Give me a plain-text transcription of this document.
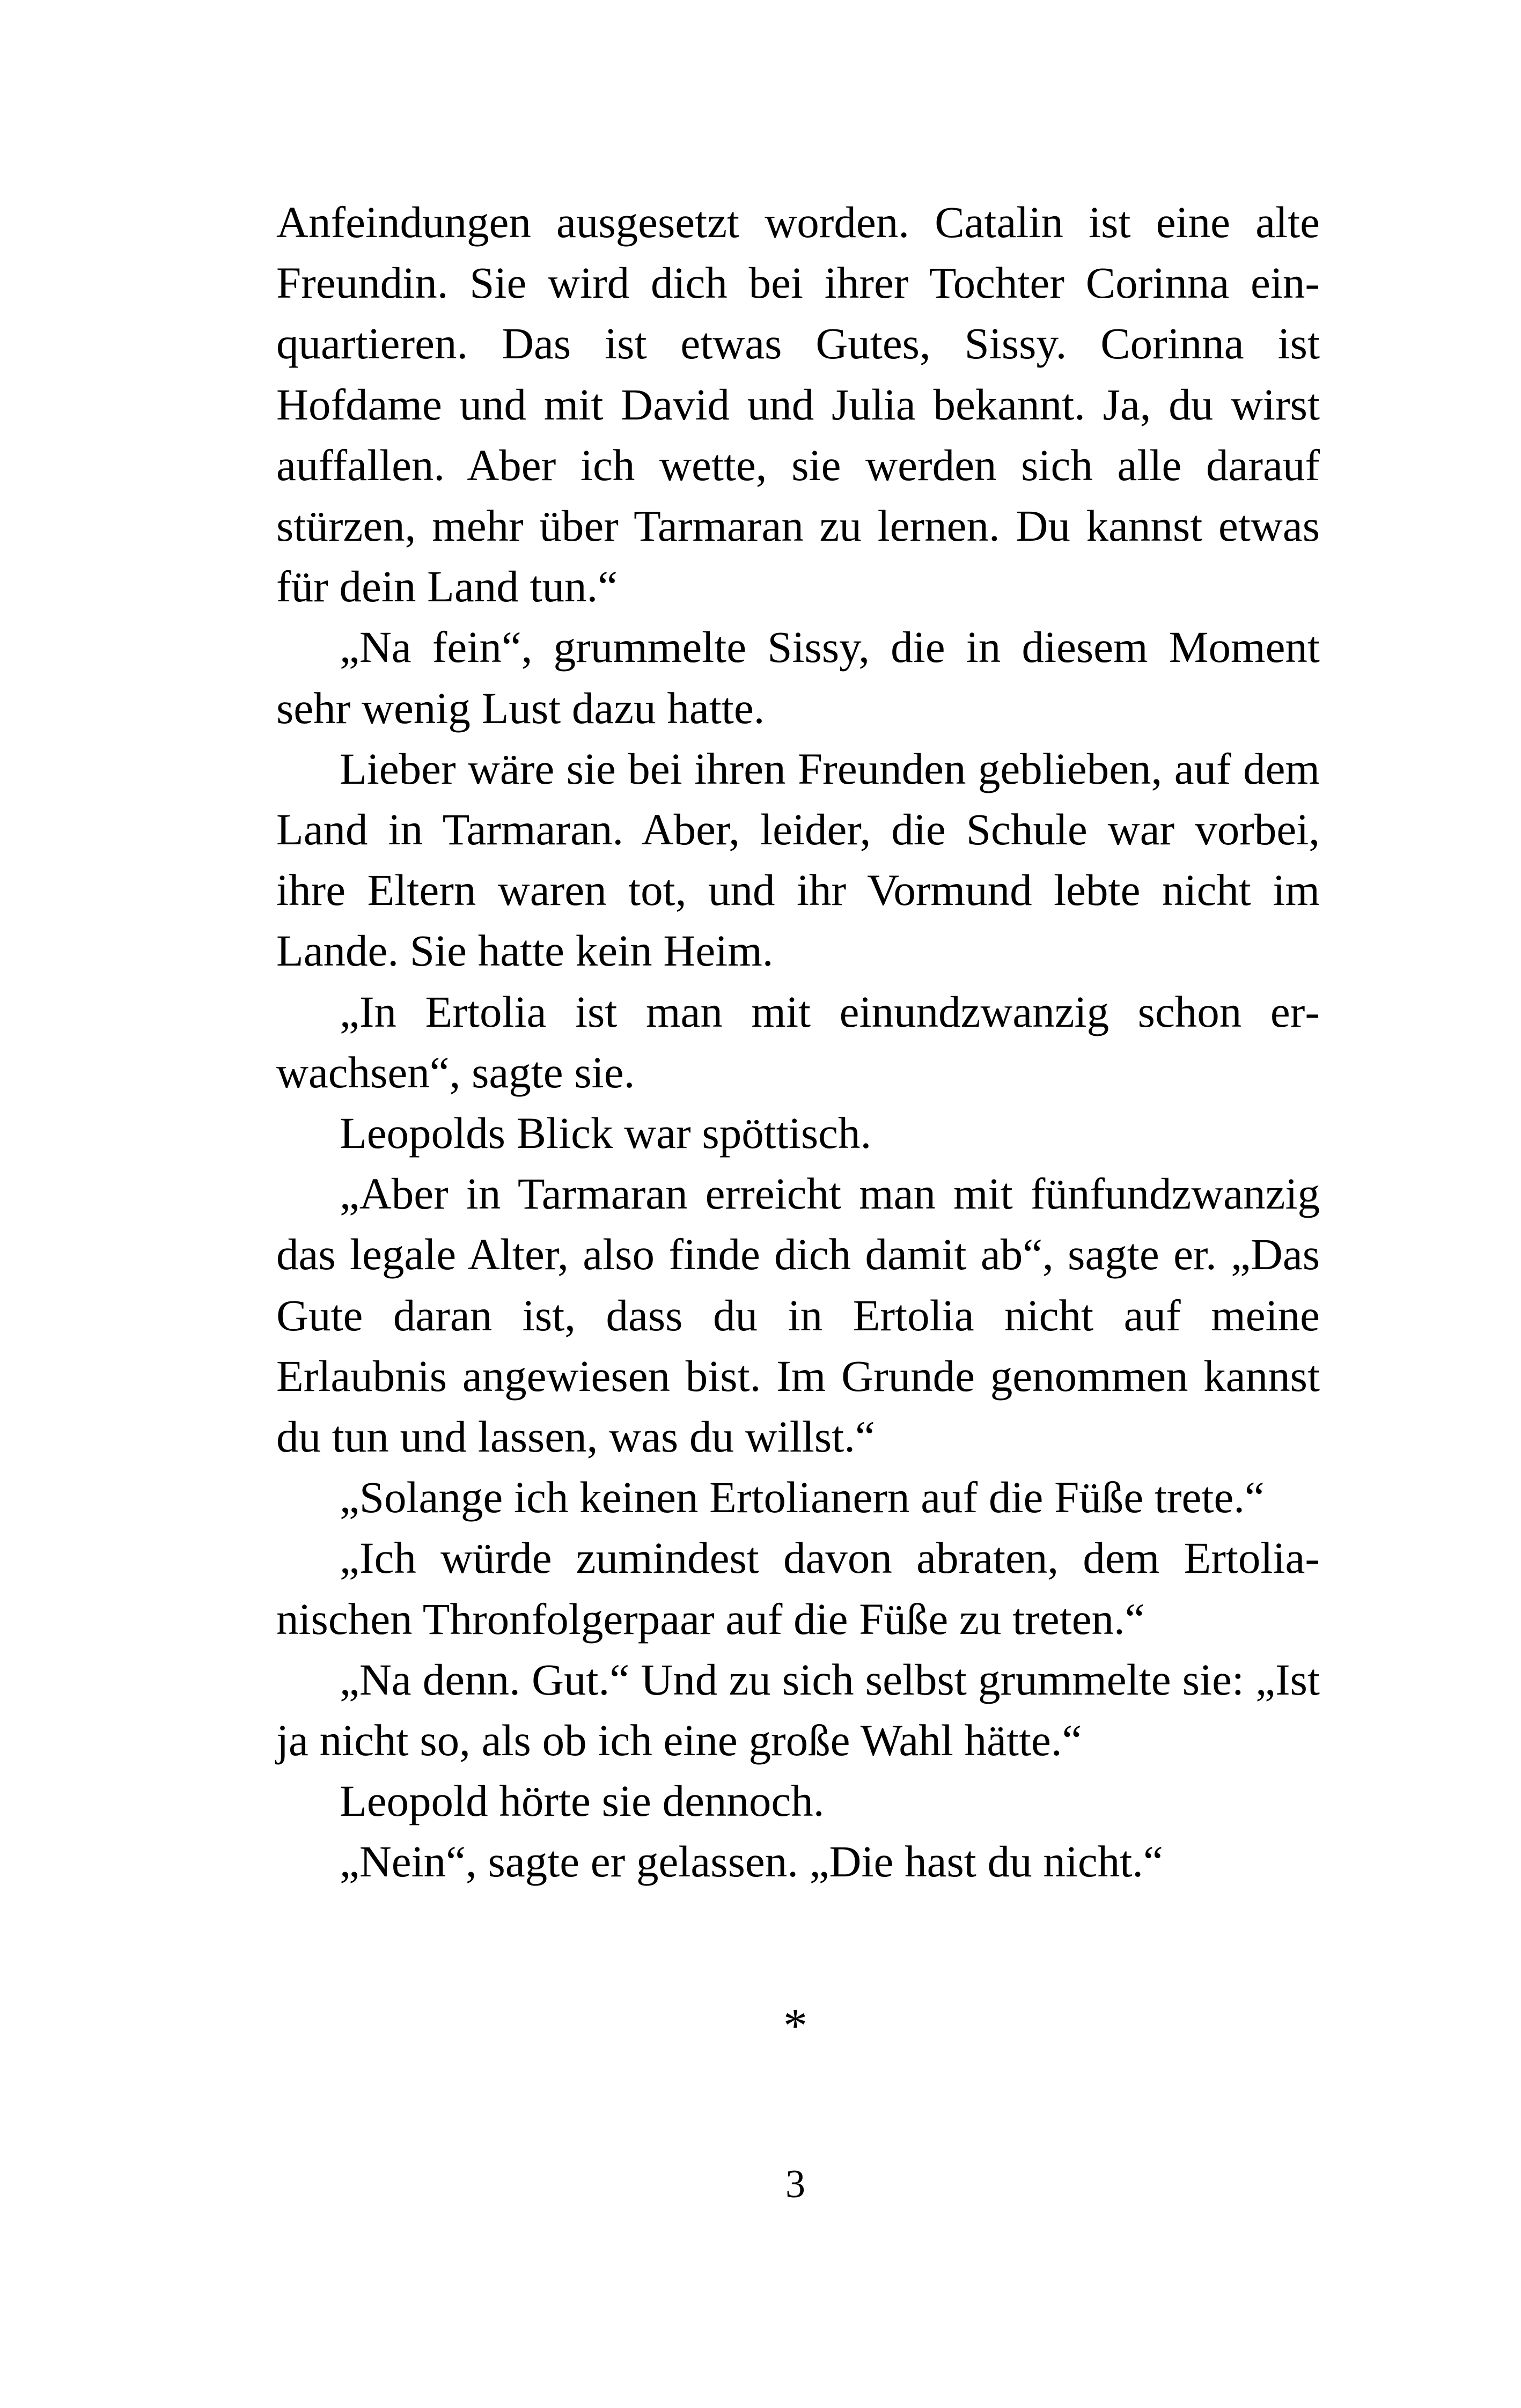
Anfeindungen ausgesetzt worden. Catalin ist eine alte Freundin. Sie wird dich bei ihrer Tochter Corinna einquartieren. Das ist etwas Gutes, Sissy. Corinna ist Hofdame und mit David und Julia bekannt. Ja, du wirst auffallen. Aber ich wette, sie werden sich alle darauf stürzen, mehr über Tarmaran zu lernen. Du kannst etwas für dein Land tun.“

„Na fein“, grummelte Sissy, die in diesem Moment sehr wenig Lust dazu hatte.

Lieber wäre sie bei ihren Freunden geblieben, auf dem Land in Tarmaran. Aber, leider, die Schule war vorbei, ihre Eltern waren tot, und ihr Vormund lebte nicht im Lande. Sie hatte kein Heim.

„In Ertolia ist man mit einundzwanzig schon erwachsen“, sagte sie.

Leopolds Blick war spöttisch.

„Aber in Tarmaran erreicht man mit fünfundzwanzig das legale Alter, also finde dich damit ab“, sagte er. „Das Gute daran ist, dass du in Ertolia nicht auf meine Erlaubnis angewiesen bist. Im Grunde genommen kannst du tun und lassen, was du willst.“

„Solange ich keinen Ertolianern auf die Füße trete.“

„Ich würde zumindest davon abraten, dem Ertolianischen Thronfolgerpaar auf die Füße zu treten.“

„Na denn. Gut.“ Und zu sich selbst grummelte sie: „Ist ja nicht so, als ob ich eine große Wahl hätte.“

Leopold hörte sie dennoch.

„Nein“, sagte er gelassen. „Die hast du nicht.“

*
3
